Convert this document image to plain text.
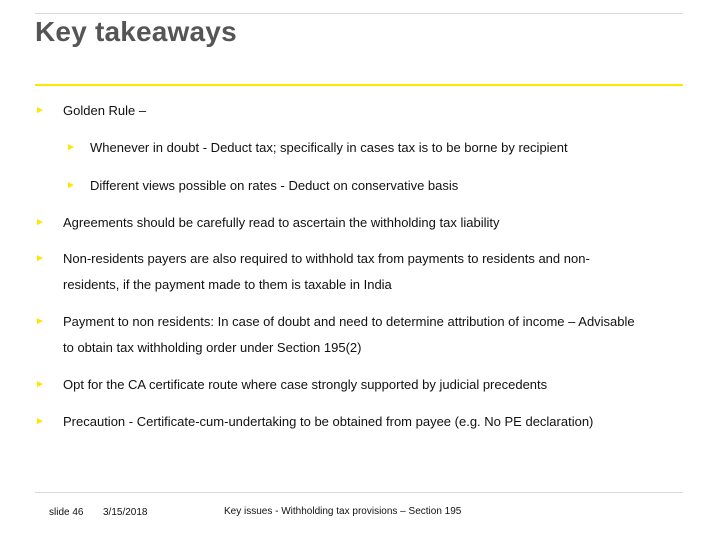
Key takeaways
► Golden Rule –
► Whenever in doubt - Deduct tax; specifically in cases tax is to be borne by recipient
► Different views possible on rates - Deduct on conservative basis
► Agreements should be carefully read to ascertain the withholding tax liability
► Non-residents payers are also required to withhold tax from payments to residents and non-
residents, if the payment made to them is taxable in India
► Payment to non residents: In case of doubt and need to determine attribution of income – Advisable
to obtain tax withholding order under Section 195(2)
► Opt for the CA certificate route where case strongly supported by judicial precedents
► Precaution - Certificate-cum-undertaking to be obtained from payee (e.g. No PE declaration)
slide 46 3/15/2018	Key issues - Withholding tax provisions – Section 195
